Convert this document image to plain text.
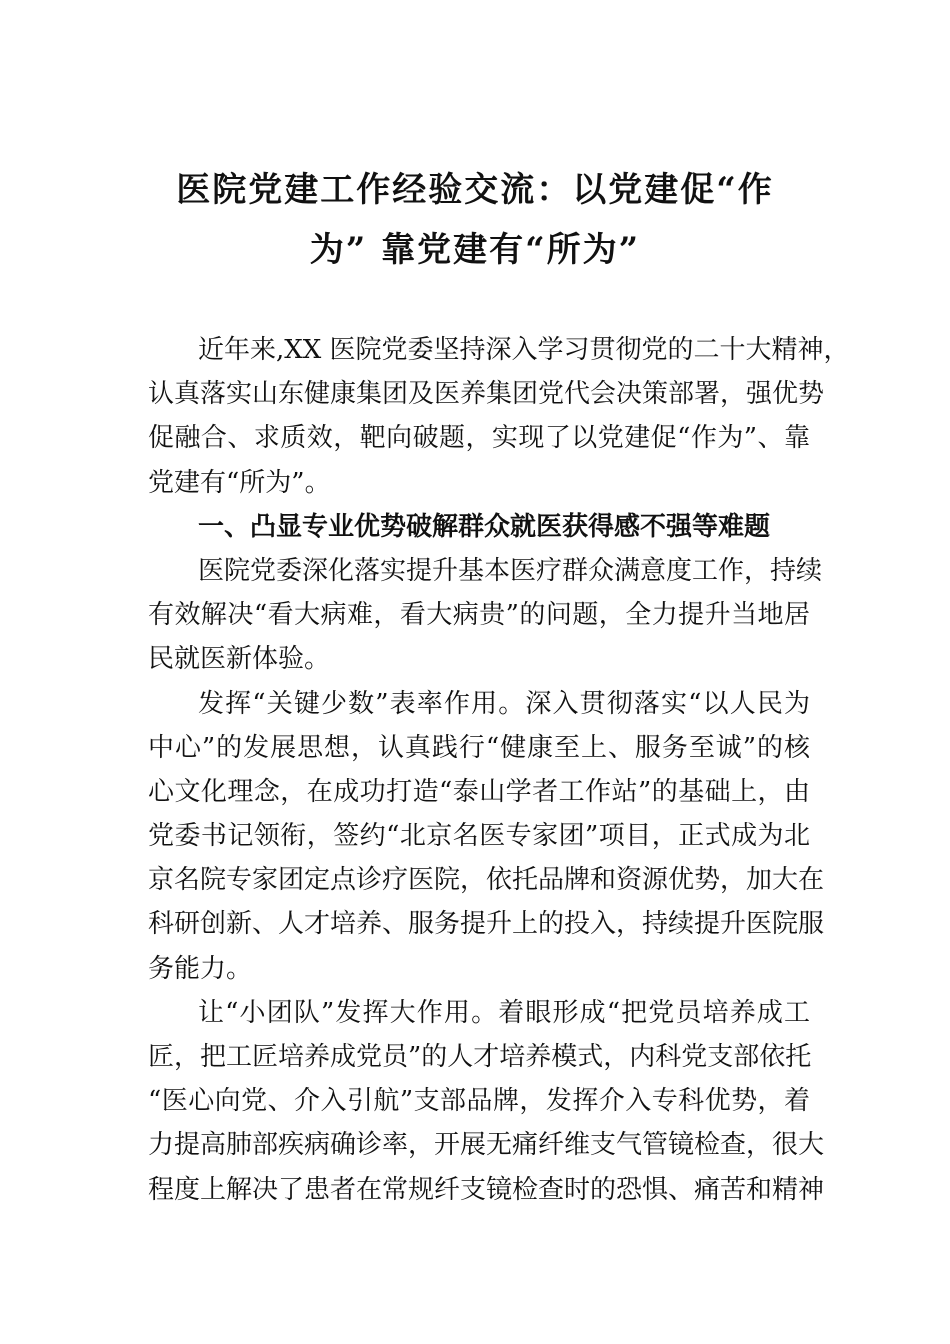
医院党建工作经验交流：以党建促“作
为” 靠党建有“所为”
近年来,XX 医院党委坚持深入学习贯彻党的二十大精神，
认真落实山东健康集团及医养集团党代会决策部署，强优势
促融合、求质效，靶向破题，实现了以党建促“作为”、靠
党建有“所为”。
一、凸显专业优势破解群众就医获得感不强等难题
医院党委深化落实提升基本医疗群众满意度工作，持续
有效解决“看大病难，看大病贵”的问题，全力提升当地居
民就医新体验。
发挥“关键少数”表率作用。深入贯彻落实“以人民为
中心”的发展思想，认真践行“健康至上、服务至诚”的核
心文化理念，在成功打造“泰山学者工作站”的基础上，由
党委书记领衔，签约“北京名医专家团”项目，正式成为北
京名院专家团定点诊疗医院，依托品牌和资源优势，加大在
科研创新、人才培养、服务提升上的投入，持续提升医院服
务能力。
让“小团队”发挥大作用。着眼形成“把党员培养成工
匠，把工匠培养成党员”的人才培养模式，内科党支部依托
“医心向党、介入引航”支部品牌，发挥介入专科优势，着
力提高肺部疾病确诊率，开展无痛纤维支气管镜检查，很大
程度上解决了患者在常规纤支镜检查时的恐惧、痛苦和精神
